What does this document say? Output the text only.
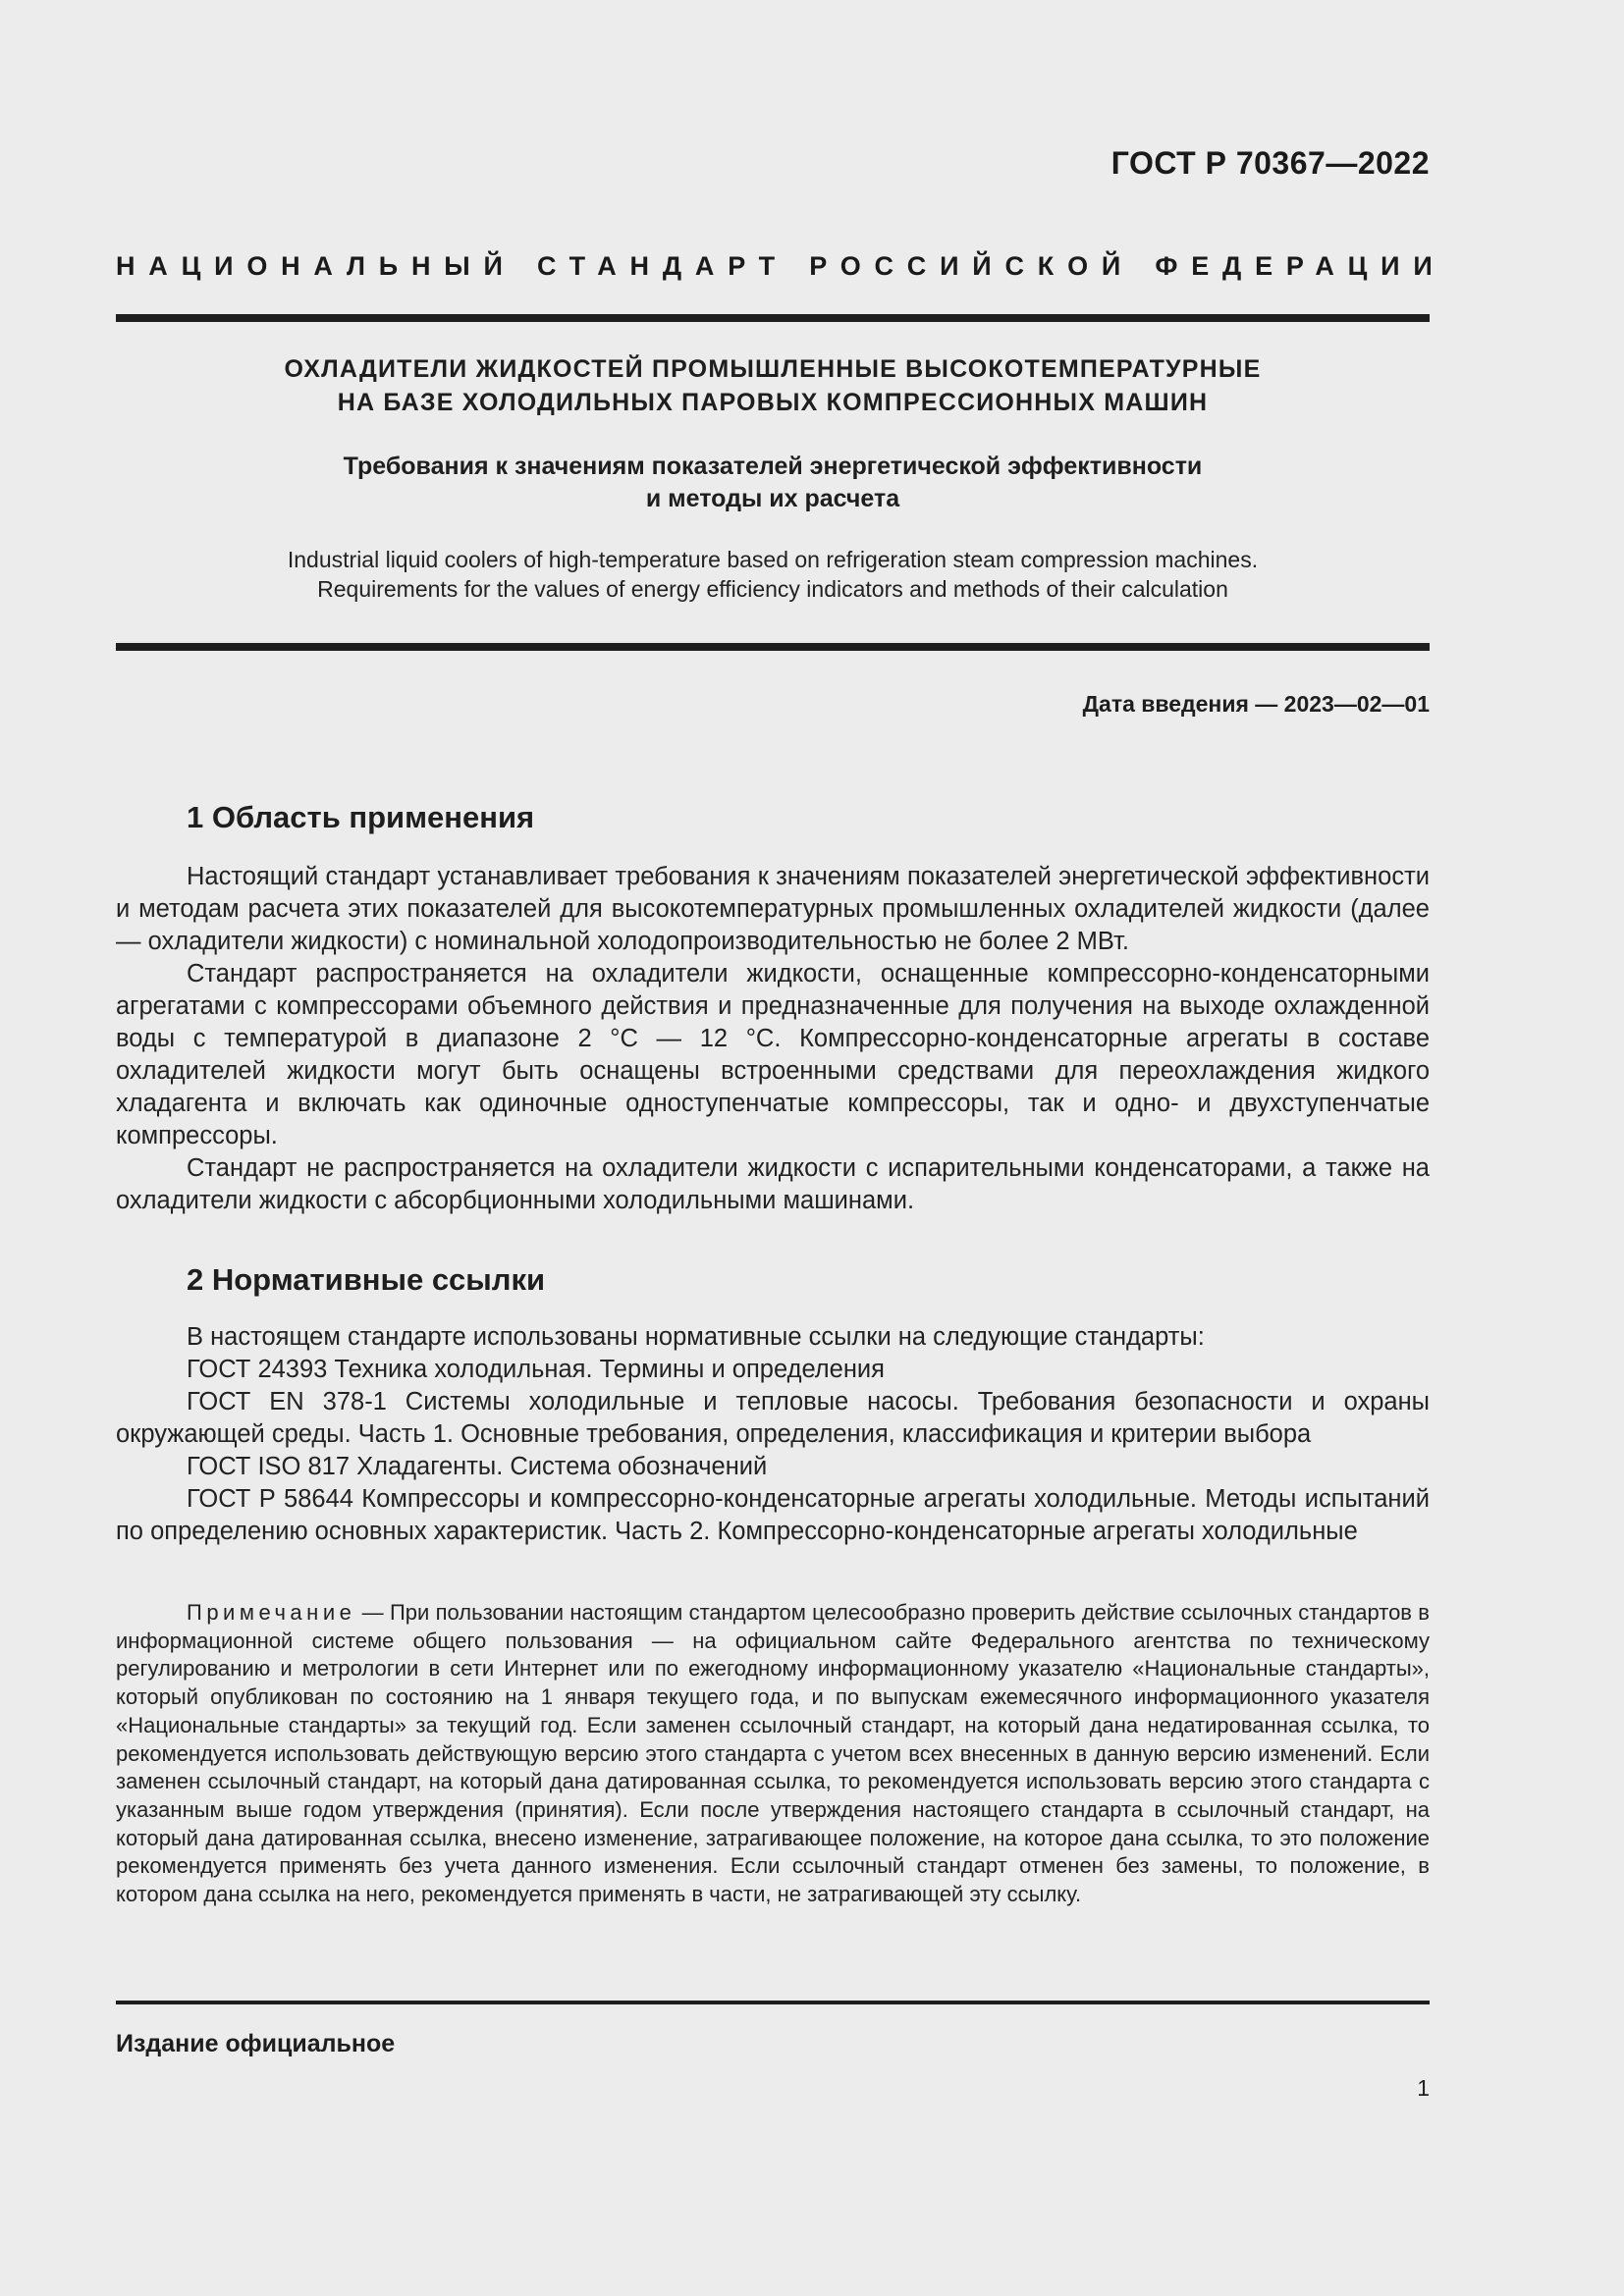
ГОСТ Р 70367—2022
НАЦИОНАЛЬНЫЙ СТАНДАРТ РОССИЙСКОЙ ФЕДЕРАЦИИ
ОХЛАДИТЕЛИ ЖИДКОСТЕЙ ПРОМЫШЛЕННЫЕ ВЫСОКОТЕМПЕРАТУРНЫЕ
НА БАЗЕ ХОЛОДИЛЬНЫХ ПАРОВЫХ КОМПРЕССИОННЫХ МАШИН
Требования к значениям показателей энергетической эффективности
и методы их расчета
Industrial liquid coolers of high-temperature based on refrigeration steam compression machines.
Requirements for the values of energy efficiency indicators and methods of their calculation
Дата введения — 2023—02—01
1 Область применения
Настоящий стандарт устанавливает требования к значениям показателей энергетической эффективности и методам расчета этих показателей для высокотемпературных промышленных охладителей жидкости (далее — охладители жидкости) с номинальной холодопроизводительностью не более 2 МВт.
Стандарт распространяется на охладители жидкости, оснащенные компрессорно-конденсаторными агрегатами с компрессорами объемного действия и предназначенные для получения на выходе охлажденной воды с температурой в диапазоне 2 °С — 12 °С. Компрессорно-конденсаторные агрегаты в составе охладителей жидкости могут быть оснащены встроенными средствами для переохлаждения жидкого хладагента и включать как одиночные одноступенчатые компрессоры, так и одно- и двухступенчатые компрессоры.
Стандарт не распространяется на охладители жидкости с испарительными конденсаторами, а также на охладители жидкости с абсорбционными холодильными машинами.
2 Нормативные ссылки
В настоящем стандарте использованы нормативные ссылки на следующие стандарты:
ГОСТ 24393 Техника холодильная. Термины и определения
ГОСТ EN 378-1 Системы холодильные и тепловые насосы. Требования безопасности и охраны окружающей среды. Часть 1. Основные требования, определения, классификация и критерии выбора
ГОСТ ISO 817 Хладагенты. Система обозначений
ГОСТ Р 58644 Компрессоры и компрессорно-конденсаторные агрегаты холодильные. Методы испытаний по определению основных характеристик. Часть 2. Компрессорно-конденсаторные агрегаты холодильные
Примечание — При пользовании настоящим стандартом целесообразно проверить действие ссылочных стандартов в информационной системе общего пользования — на официальном сайте Федерального агентства по техническому регулированию и метрологии в сети Интернет или по ежегодному информационному указателю «Национальные стандарты», который опубликован по состоянию на 1 января текущего года, и по выпускам ежемесячного информационного указателя «Национальные стандарты» за текущий год. Если заменен ссылочный стандарт, на который дана недатированная ссылка, то рекомендуется использовать действующую версию этого стандарта с учетом всех внесенных в данную версию изменений. Если заменен ссылочный стандарт, на который дана датированная ссылка, то рекомендуется использовать версию этого стандарта с указанным выше годом утверждения (принятия). Если после утверждения настоящего стандарта в ссылочный стандарт, на который дана датированная ссылка, внесено изменение, затрагивающее положение, на которое дана ссылка, то это положение рекомендуется применять без учета данного изменения. Если ссылочный стандарт отменен без замены, то положение, в котором дана ссылка на него, рекомендуется применять в части, не затрагивающей эту ссылку.
Издание официальное
1
